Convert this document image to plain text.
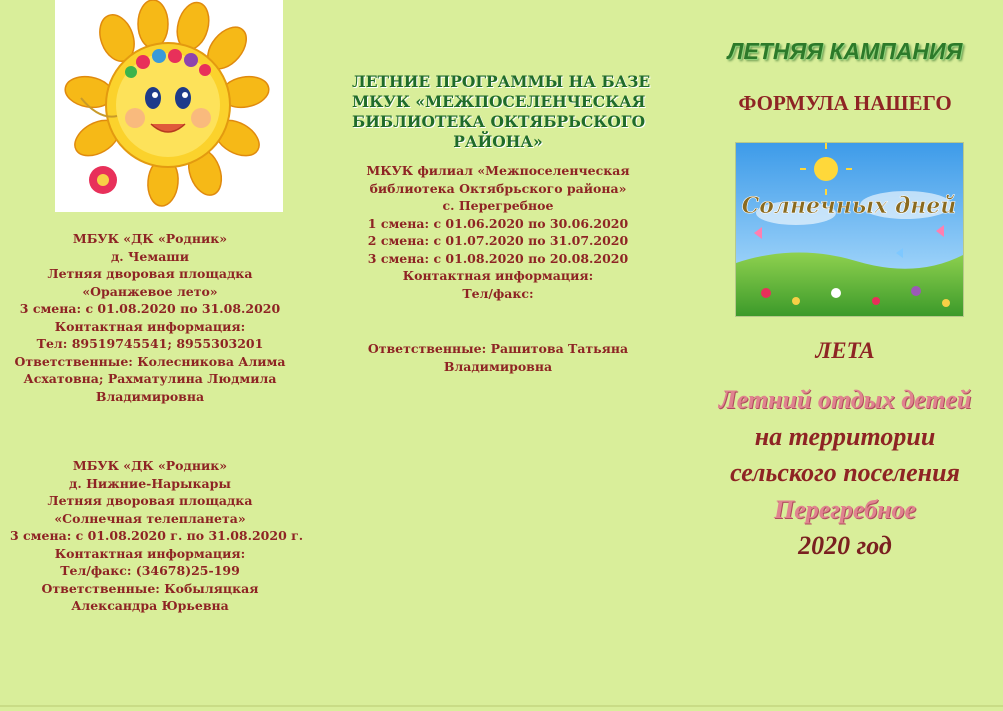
МБУК «ДК «Родник»
д. Чемаши
Летняя дворовая площадка
«Оранжевое лето»
3 смена: с 01.08.2020 по 31.08.2020
Контактная информация:
Тел: 89519745541; 8955303201
Ответственные: Колесникова Алима
Асхатовна; Рахматулина Людмила
Владимировна
МБУК «ДК «Родник»
д. Нижние-Нарыкары
Летняя дворовая площадка
«Солнечная телепланета»
3 смена: с 01.08.2020 г. по 31.08.2020 г.
Контактная информация:
Тел/факс: (34678)25-199
Ответственные: Кобыляцкая
Александра Юрьевна
ЛЕТНИЕ ПРОГРАММЫ НА БАЗЕ
МКУК «МЕЖПОСЕЛЕНЧЕСКАЯ
БИБЛИОТЕКА ОКТЯБРЬСКОГО
РАЙОНА»
МКУК филиал «Межпоселенческая
библиотека Октябрьского района»
с. Перегребное
1 смена: с 01.06.2020 по 30.06.2020
2 смена: с 01.07.2020 по 31.07.2020
3 смена: с 01.08.2020 по 20.08.2020
Контактная информация:
Тел/факс:
Ответственные: Рашитова Татьяна
Владимировна
ЛЕТНЯЯ КАМПАНИЯ
ФОРМУЛА НАШЕГО
Солнечных дней
ЛЕТА
Летний отдых детей
на территории
сельского поселения
Перегребное
2020 год
